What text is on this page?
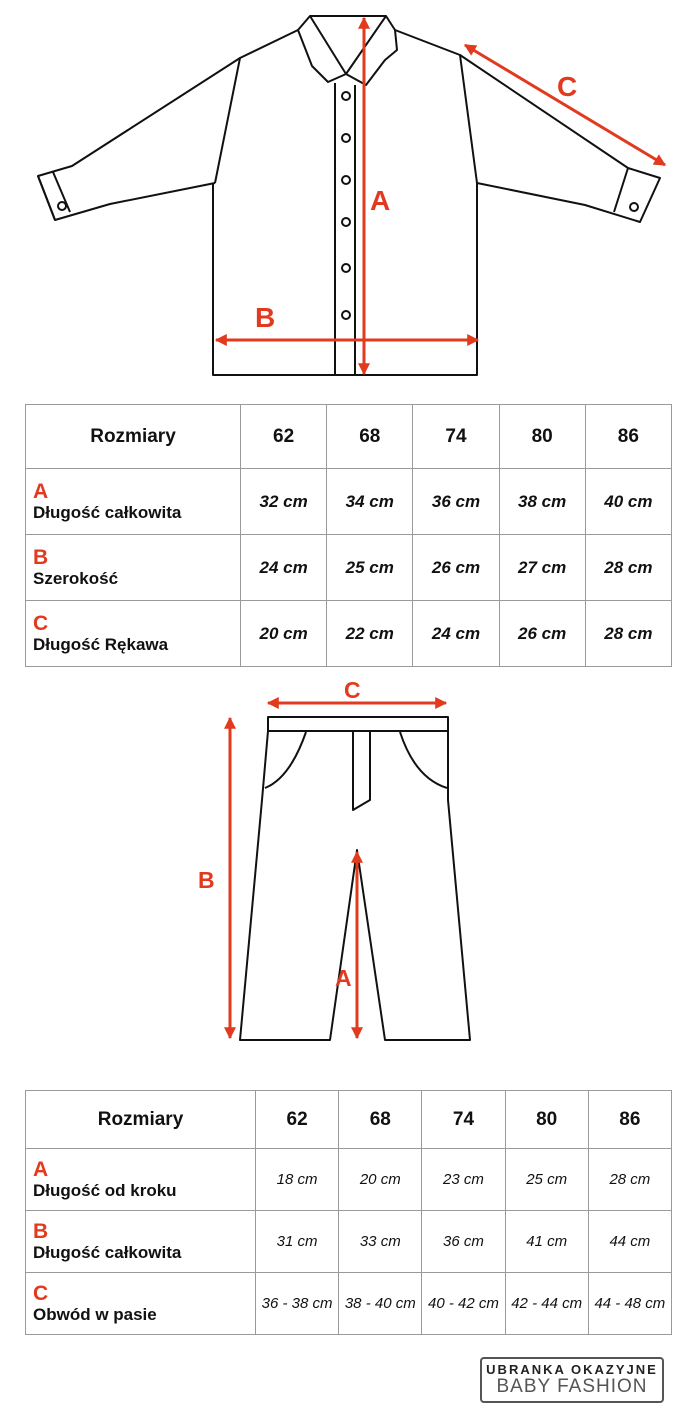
A
B
C
Rozmiary	62	68	74	80	86

A
Długość całkowita	32 cm	34 cm	36 cm	38 cm	40 cm

B
Szerokość	24 cm	25 cm	26 cm	27 cm	28 cm

C
Długość Rękawa	20 cm	22 cm	24 cm	26 cm	28 cm
C
B
A
Rozmiary	62	68	74	80	86

A
Długość od kroku	18 cm	20 cm	23 cm	25 cm	28 cm

B
Długość całkowita	31 cm	33 cm	36 cm	41 cm	44 cm

C
Obwód w pasie	36 - 38 cm	38 - 40 cm	40 - 42 cm	42 - 44 cm	44 - 48 cm
UBRANKA OKAZYJNE
BABY FASHION
